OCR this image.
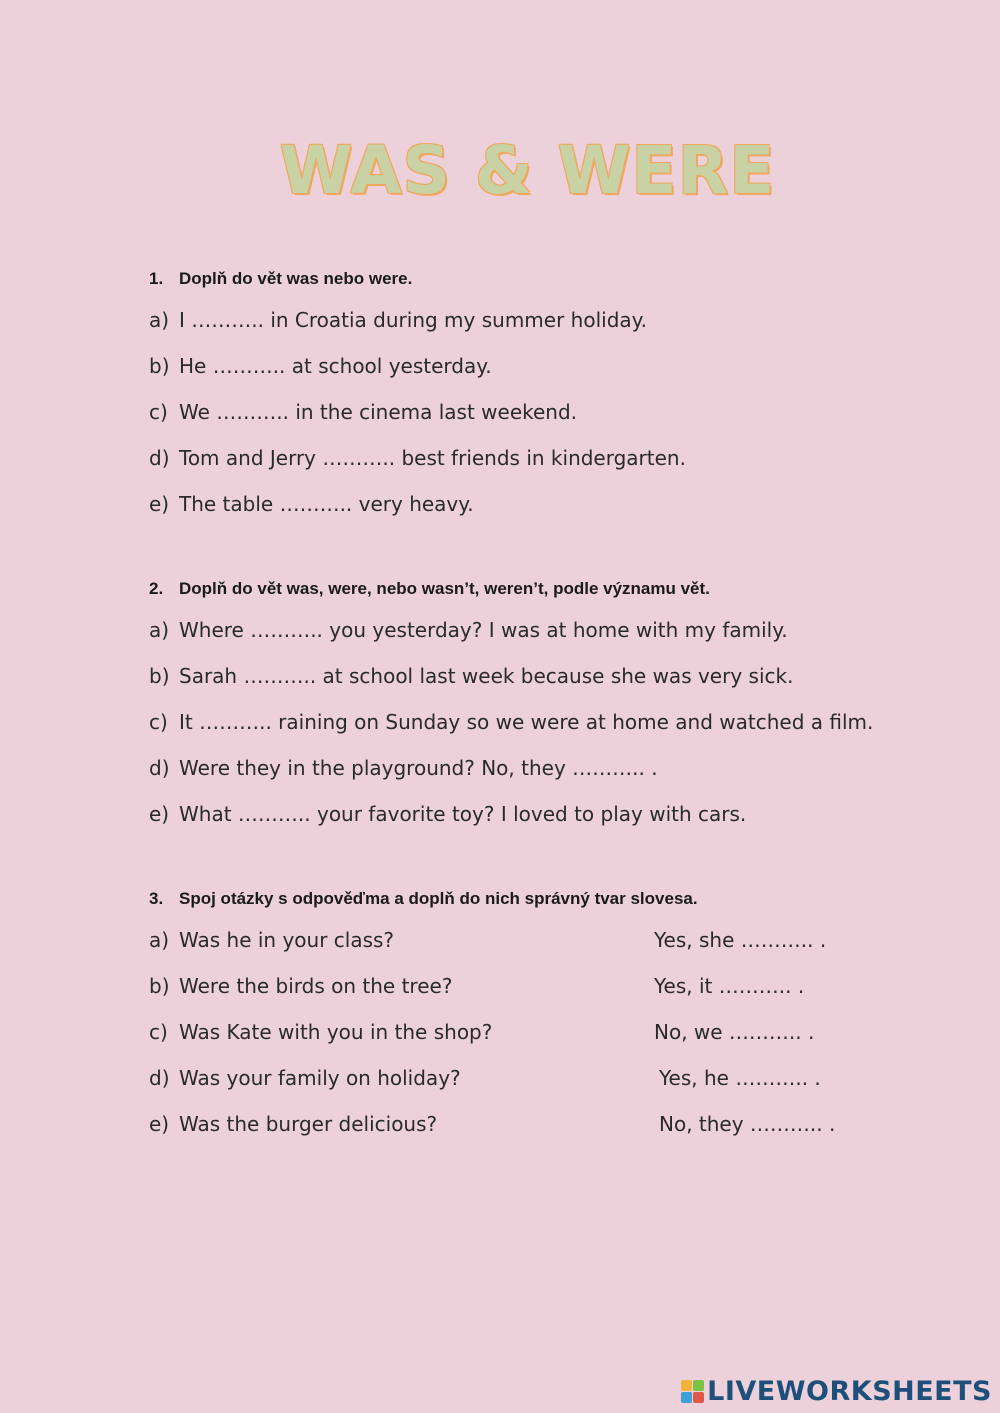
WAS & WERE
1. Doplň do vět was nebo were.
a) I ……….. in Croatia during my summer holiday.
b) He ……….. at school yesterday.
c) We ……….. in the cinema last weekend.
d) Tom and Jerry ……….. best friends in kindergarten.
e) The table ……….. very heavy.
2. Doplň do vět was, were, nebo wasn’t, weren’t, podle významu vět.
a) Where ……….. you yesterday? I was at home with my family.
b) Sarah ……….. at school last week because she was very sick.
c) It ……….. raining on Sunday so we were at home and watched a film.
d) Were they in the playground? No, they ……….. .
e) What ……….. your favorite toy? I loved to play with cars.
3. Spoj otázky s odpověďma a doplň do nich správný tvar slovesa.
a) Was he in your class?	Yes, she ……….. .
b) Were the birds on the tree?	Yes, it ……….. .
c) Was Kate with you in the shop?	No, we ……….. .
d) Was your family on holiday?	Yes, he ……….. .
e) Was the burger delicious?	No, they ……….. .
LIVEWORKSHEETS
